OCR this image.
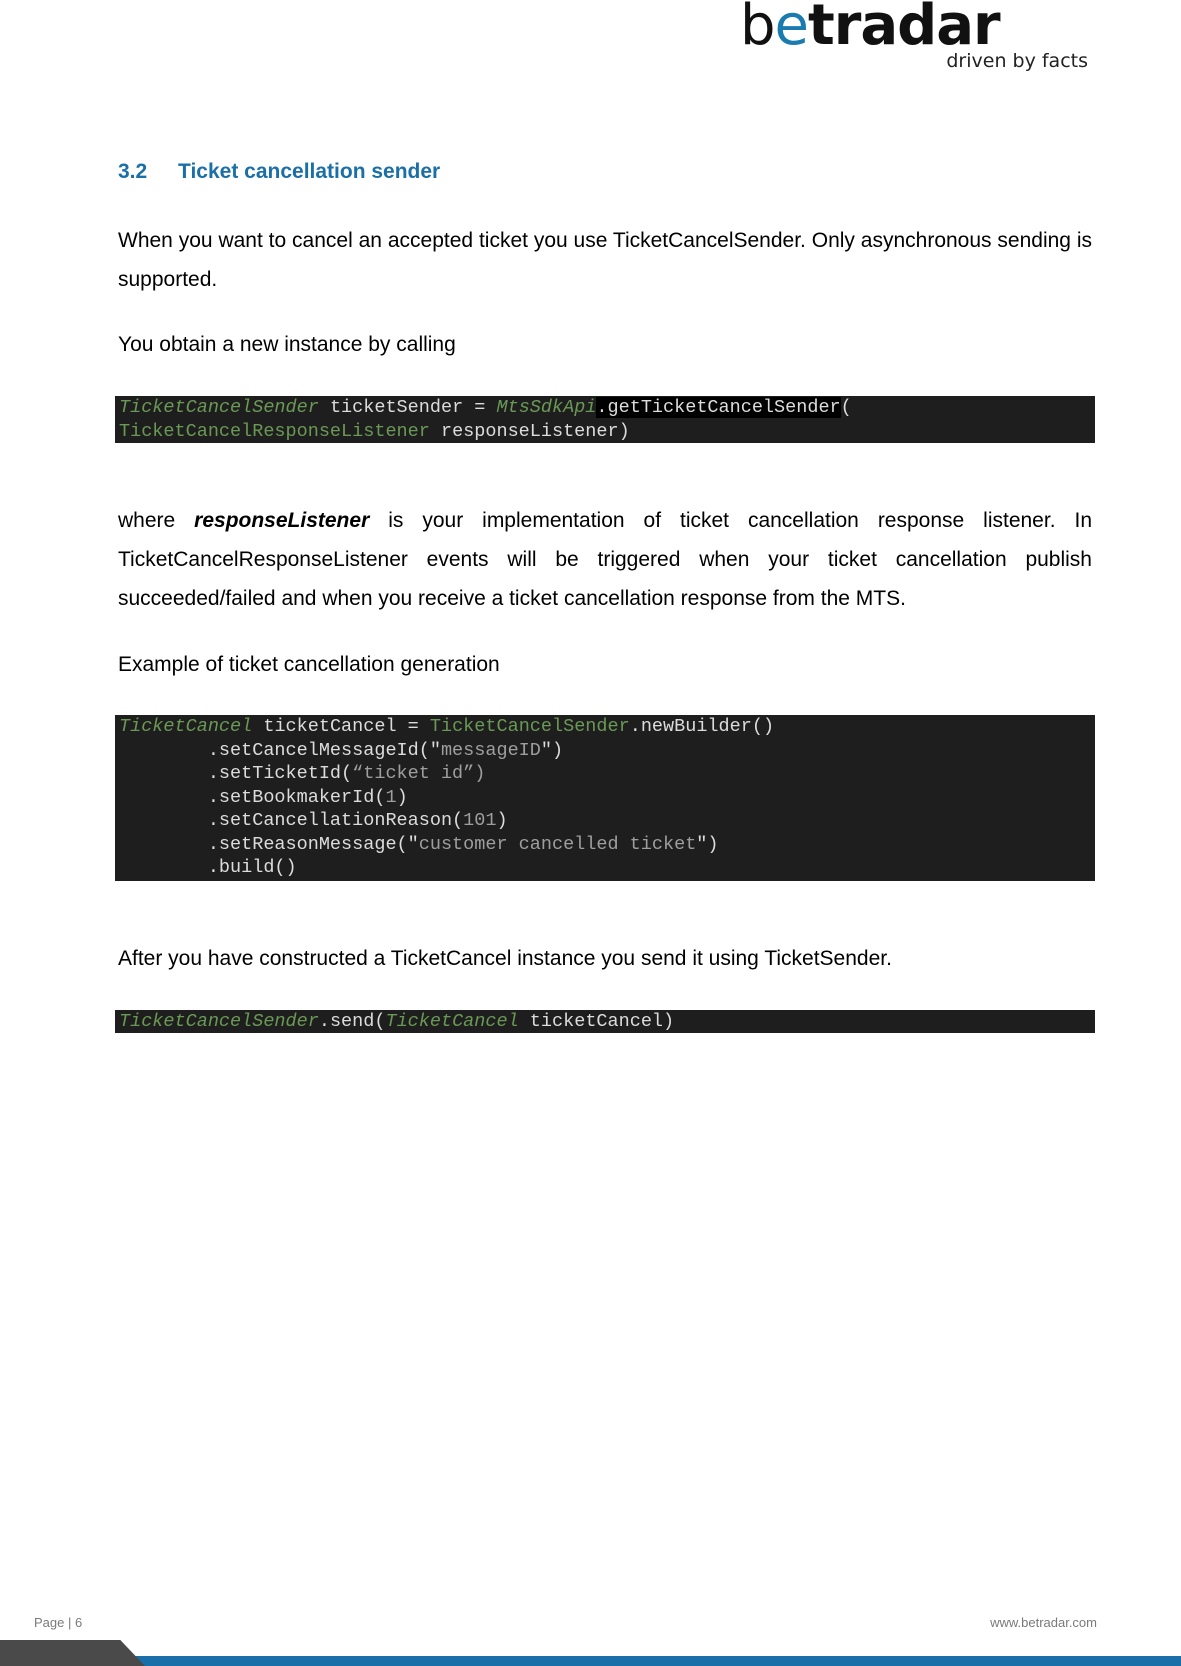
betradar
driven by facts
3.2 Ticket cancellation sender

When you want to cancel an accepted ticket you use TicketCancelSender. Only asynchronous sending is supported.

You obtain a new instance by calling

TicketCancelSender ticketSender = MtsSdkApi.getTicketCancelSender(
TicketCancelResponseListener responseListener)

where responseListener is your implementation of ticket cancellation response listener. In TicketCancelResponseListener events will be triggered when your ticket cancellation publish succeeded/failed and when you receive a ticket cancellation response from the MTS.

Example of ticket cancellation generation

TicketCancel ticketCancel = TicketCancelSender.newBuilder()
.setCancelMessageId("messageID")
.setTicketId(“ticket id”)
.setBookmakerId(1)
.setCancellationReason(101)
.setReasonMessage("customer cancelled ticket")
.build()

After you have constructed a TicketCancel instance you send it using TicketSender.

TicketCancelSender.send(TicketCancel ticketCancel)
Page | 6	www.betradar.com
